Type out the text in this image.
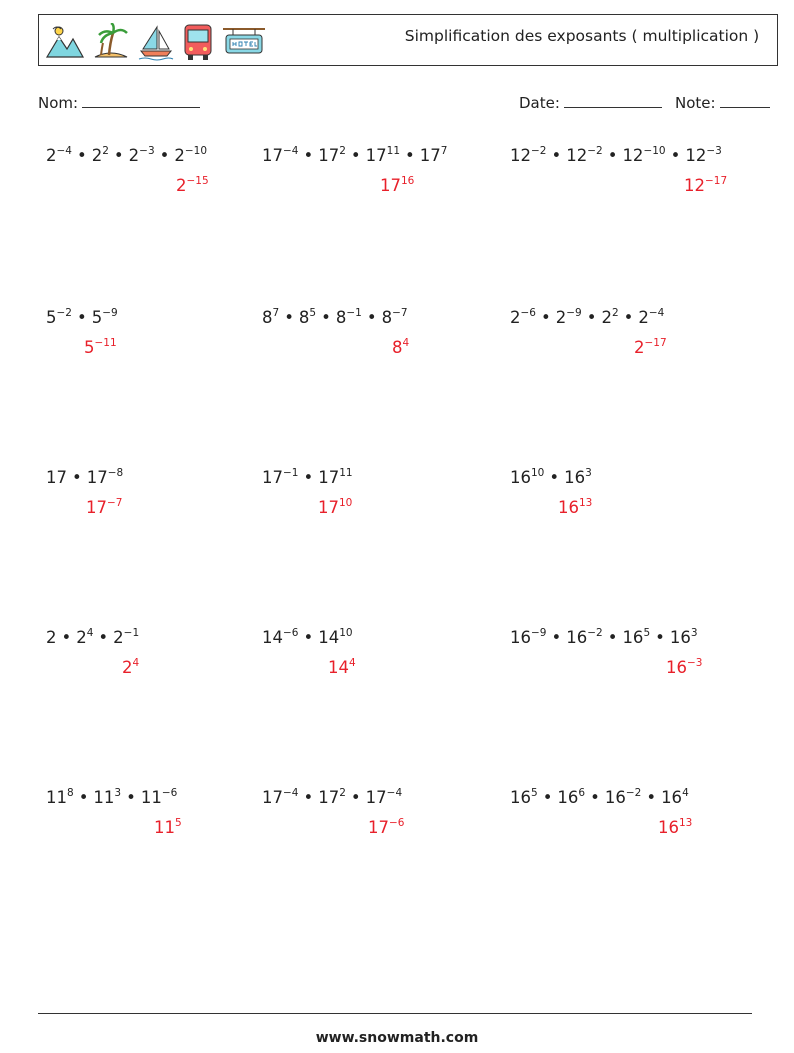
Simplification des exposants ( multiplication )
Nom:	Date:	Note:
$2^{-4}$ • $2^2$ • $2^{-3}$ • $2^{-10}$
$2^{-15}$
$17^{-4}$ • $17^2$ • $17^{11}$ • $17^7$
$17^{16}$
$12^{-2}$ • $12^{-2}$ • $12^{-10}$ • $12^{-3}$
$12^{-17}$
$5^{-2}$ • $5^{-9}$
$5^{-11}$
$8^7$ • $8^5$ • $8^{-1}$ • $8^{-7}$
$8^4$
$2^{-6}$ • $2^{-9}$ • $2^2$ • $2^{-4}$
$2^{-17}$
17 • $17^{-8}$
$17^{-7}$
$17^{-1}$ • $17^{11}$
$17^{10}$
$16^{10}$ • $16^3$
$16^{13}$
2 • $2^4$ • $2^{-1}$
$2^4$
$14^{-6}$ • $14^{10}$
$14^4$
$16^{-9}$ • $16^{-2}$ • $16^5$ • $16^3$
$16^{-3}$
$11^8$ • $11^3$ • $11^{-6}$
$11^5$
$17^{-4}$ • $17^2$ • $17^{-4}$
$17^{-6}$
$16^5$ • $16^6$ • $16^{-2}$ • $16^4$
$16^{13}$
www.snowmath.com
